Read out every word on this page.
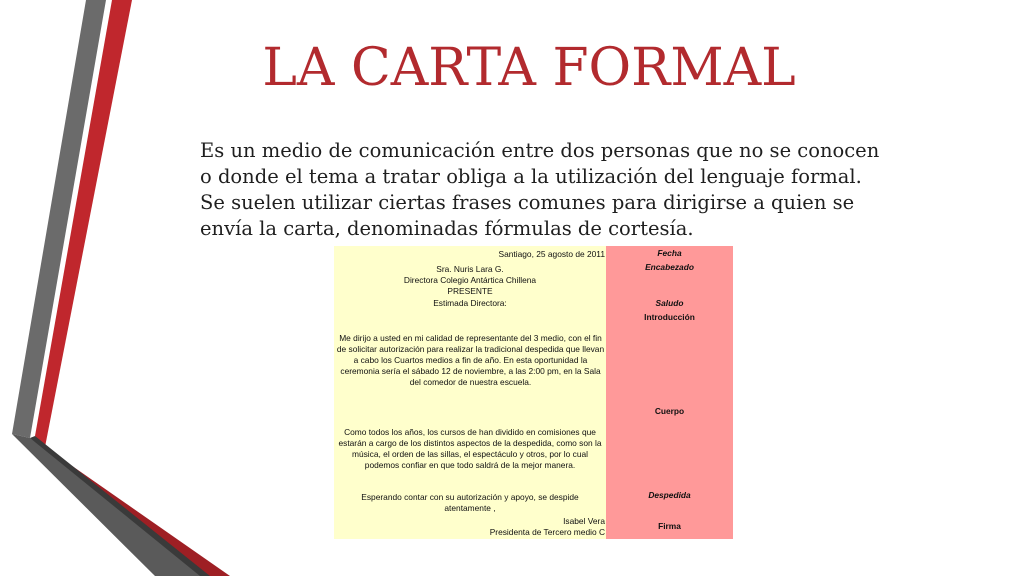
LA CARTA FORMAL

Es un medio de comunicación entre dos personas que no se conocen o donde el tema a tratar obliga a la utilización del lenguaje formal. Se suelen utilizar ciertas frases comunes para dirigirse a quien se envía la carta, denominadas fórmulas de cortesía.

Santiago, 25 agosto de 2011
Sra. Nuris Lara G.
Directora Colegio Antártica Chillena
PRESENTE
Estimada Directora:
Me dirijo a usted en mi calidad de representante del 3 medio, con el fin de solicitar autorización para realizar la tradicional despedida que llevan a cabo los Cuartos medios a fin de año. En esta oportunidad la ceremonia sería el sábado 12 de noviembre, a las 2:00 pm, en la Sala del comedor de nuestra escuela.
Como todos los años, los cursos de han dividido en comisiones que estarán a cargo de los distintos aspectos de la despedida, como son la música, el orden de las sillas, el espectáculo y otros, por lo cual podemos confiar en que todo saldrá de la mejor manera.
Esperando contar con su autorización y apoyo, se despide atentamente ,
Isabel Vera
Presidenta de Tercero medio C
Fecha
Encabezado
Saludo
Introducción
Cuerpo
Despedida
Firma
